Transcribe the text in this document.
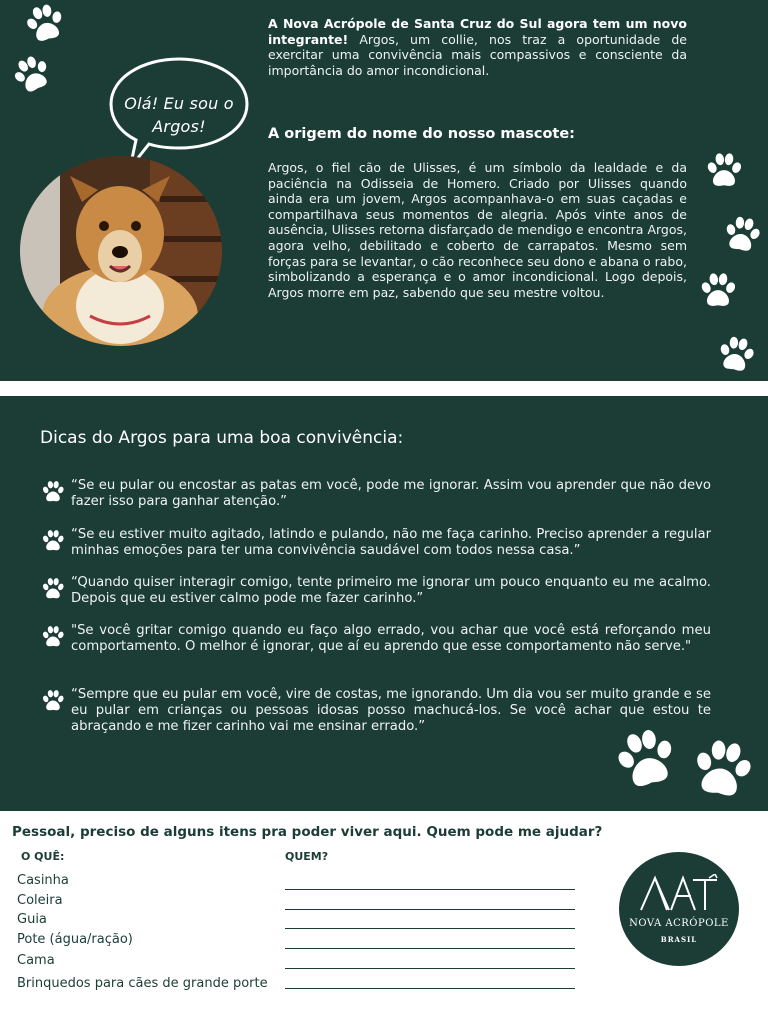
Olá! Eu sou o
Argos!
A Nova Acrópole de Santa Cruz do Sul agora tem um novo integrante! Argos, um collie, nos traz a oportunidade de exercitar uma convivência mais compassivos e consciente da importância do amor incondicional.
A origem do nome do nosso mascote:
Argos, o fiel cão de Ulisses, é um símbolo da lealdade e da paciência na Odisseia de Homero. Criado por Ulisses quando ainda era um jovem, Argos acompanhava-o em suas caçadas e compartilhava seus momentos de alegria. Após vinte anos de ausência, Ulisses retorna disfarçado de mendigo e encontra Argos, agora velho, debilitado e coberto de carrapatos. Mesmo sem forças para se levantar, o cão reconhece seu dono e abana o rabo, simbolizando a esperança e o amor incondicional. Logo depois, Argos morre em paz, sabendo que seu mestre voltou.
Dicas do Argos para uma boa convivência:
“Se eu pular ou encostar as patas em você, pode me ignorar. Assim vou aprender que não devo fazer isso para ganhar atenção.”
“Se eu estiver muito agitado, latindo e pulando, não me faça carinho. Preciso aprender a regular minhas emoções para ter uma convivência saudável com todos nessa casa.”
“Quando quiser interagir comigo, tente primeiro me ignorar um pouco enquanto eu me acalmo. Depois que eu estiver calmo pode me fazer carinho.”
"Se você gritar comigo quando eu faço algo errado, vou achar que você está reforçando meu comportamento. O melhor é ignorar, que aí eu aprendo que esse comportamento não serve."
“Sempre que eu pular em você, vire de costas, me ignorando. Um dia vou ser muito grande e se eu pular em crianças ou pessoas idosas posso machucá-los. Se você achar que estou te abraçando e me fizer carinho vai me ensinar errado.”
Pessoal, preciso de alguns itens pra poder viver aqui. Quem pode me ajudar?
O QUÊ:	QUEM?
Casinha
Coleira
Guia
Pote (água/ração)
Cama
Brinquedos para cães de grande porte
NOVA ACRÓPOLE
BRASIL
